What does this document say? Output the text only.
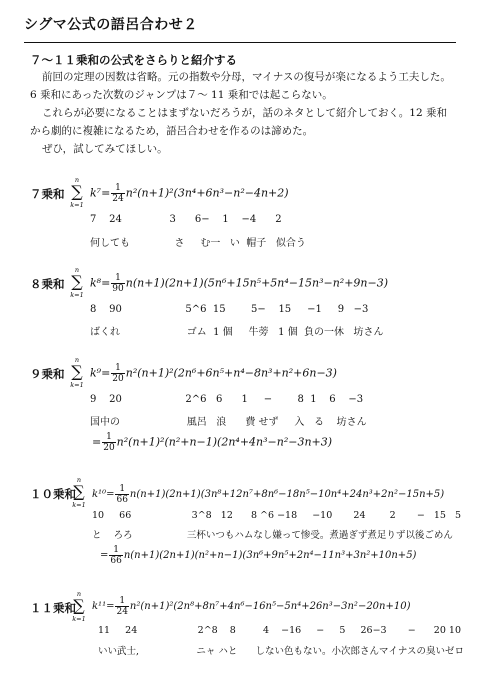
シグマ公式の語呂合わせ２
７～１１乗和の公式をさらりと紹介する

前回の定理の因数は省略。元の指数や分母，マイナスの復号が楽になるよう工夫した。

6 乗和にあった次数のジャンプは７～ 11 乗和では起こらない。

これらが必要になることはまずないだろうが，話のネタとして紹介しておく。12 乗和

から劇的に複雑になるため，語呂合わせを作るのは諦めた。

ぜひ，試してみてほしい。

７乗和
n
∑
k=1
$k^7= \frac{1}{24} n^2(n+1)^2(3n^4+6n^3-n^2-4n+2)$
7    24               3      6−    1    −4      2
何しても              さ     む一   い  帽子   似合う
８乗和
n
∑
k=1
$k^8= \frac{1}{90} n(n+1)(2n+1)(5n^6+15n^5+5n^4-15n^3-n^2+9n-3)$
8    90                    5^6  15        5−    15     −1     9   −3
ばくれ                     ゴム  1 個     牛蒡   1 個  負の一休   坊さん
９乗和
n
∑
k=1
$k^9= \frac{1}{20} n^2(n+1)^2(2n^6+6n^5+n^4-8n^3+n^2+6n-3)$
9    20                    2^6   6      1     −        8  1    6    −3
国中の                     風呂   浪      費 せず     入   る    坊さん
= $\frac{1}{20} n^2(n+1)^2(n^2+n-1)(2n^4+4n^3-n^2-3n+3)$
１０乗和
n
∑
k=1
$k^{10}= \frac{1}{66} n(n+1)(2n+1)(3n^8+12n^7+8n^6-18n^5-10n^4+24n^3+2n^2-15n+5)$
10     66                    3^8   12      8 ^6 −18     −10       24        2       −   15   5
と    ろろ                  三杯いつもハムなし嫌って惨受。煮過ぎず煮足りず以後ごめん
= $\frac{1}{66} n(n+1)(2n+1)(n^2+n-1)(3n^6+9n^5+2n^4-11n^3+3n^2+10n+5)$
１１乗和
n
∑
k=1
$k^{11}= \frac{1}{24} n^2(n+1)^2(2n^8+8n^7+4n^6-16n^5-5n^4+26n^3-3n^2-20n+10)$
11     24                    2^8    8         4    −16     −     5     26−3       −      20 10
いい武士,                   ニャ ハと      しない色もない。小次郎さんマイナスの臭いゼロ
